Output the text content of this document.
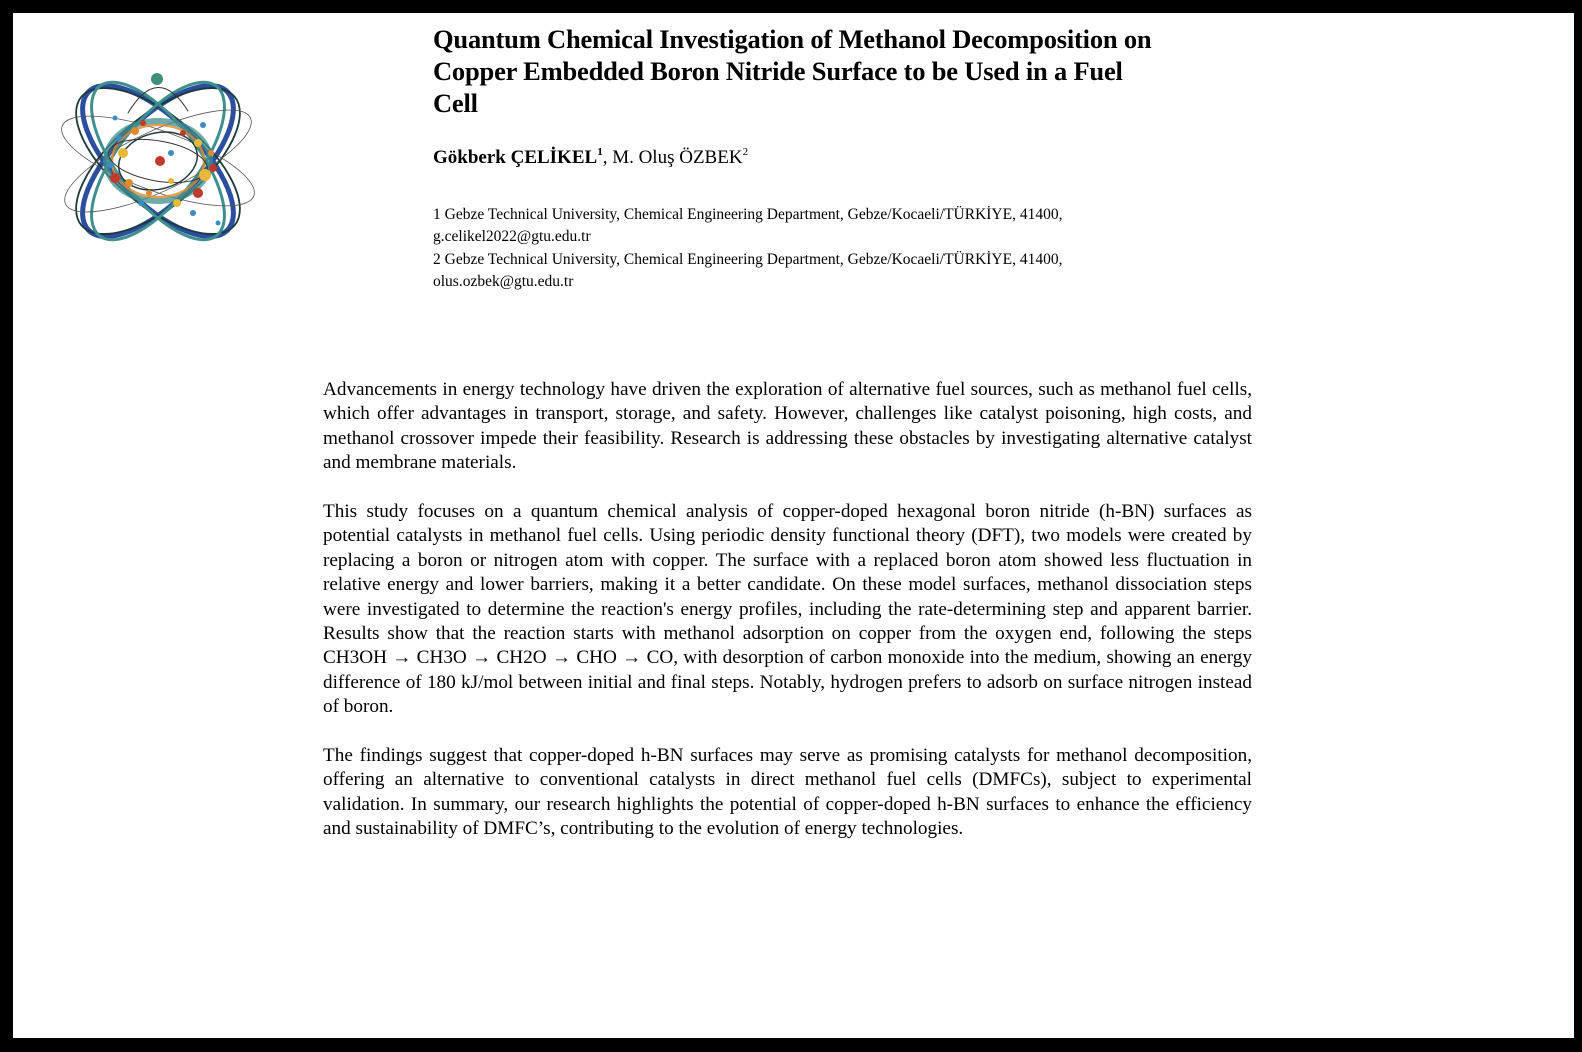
Quantum Chemical Investigation of Methanol Decomposition on Copper Embedded Boron Nitride Surface to be Used in a Fuel Cell

Gökberk ÇELİKEL$^1$, M. Oluş ÖZBEK$^2$

1 Gebze Technical University, Chemical Engineering Department, Gebze/Kocaeli/TÜRKİYE, 41400,
g.celikel2022@gtu.edu.tr
2 Gebze Technical University, Chemical Engineering Department, Gebze/Kocaeli/TÜRKİYE, 41400,
olus.ozbek@gtu.edu.tr

Advancements in energy technology have driven the exploration of alternative fuel sources, such as methanol fuel cells, which offer advantages in transport, storage, and safety. However, challenges like catalyst poisoning, high costs, and methanol crossover impede their feasibility. Research is addressing these obstacles by investigating alternative catalyst and membrane materials.

This study focuses on a quantum chemical analysis of copper-doped hexagonal boron nitride (h-BN) surfaces as potential catalysts in methanol fuel cells. Using periodic density functional theory (DFT), two models were created by replacing a boron or nitrogen atom with copper. The surface with a replaced boron atom showed less fluctuation in relative energy and lower barriers, making it a better candidate. On these model surfaces, methanol dissociation steps were investigated to determine the reaction's energy profiles, including the rate-determining step and apparent barrier. Results show that the reaction starts with methanol adsorption on copper from the oxygen end, following the steps CH3OH → CH3O → CH2O → CHO → CO, with desorption of carbon monoxide into the medium, showing an energy difference of 180 kJ/mol between initial and final steps. Notably, hydrogen prefers to adsorb on surface nitrogen instead of boron.

The findings suggest that copper-doped h-BN surfaces may serve as promising catalysts for methanol decomposition, offering an alternative to conventional catalysts in direct methanol fuel cells (DMFCs), subject to experimental validation. In summary, our research highlights the potential of copper-doped h-BN surfaces to enhance the efficiency and sustainability of DMFC’s, contributing to the evolution of energy technologies.
